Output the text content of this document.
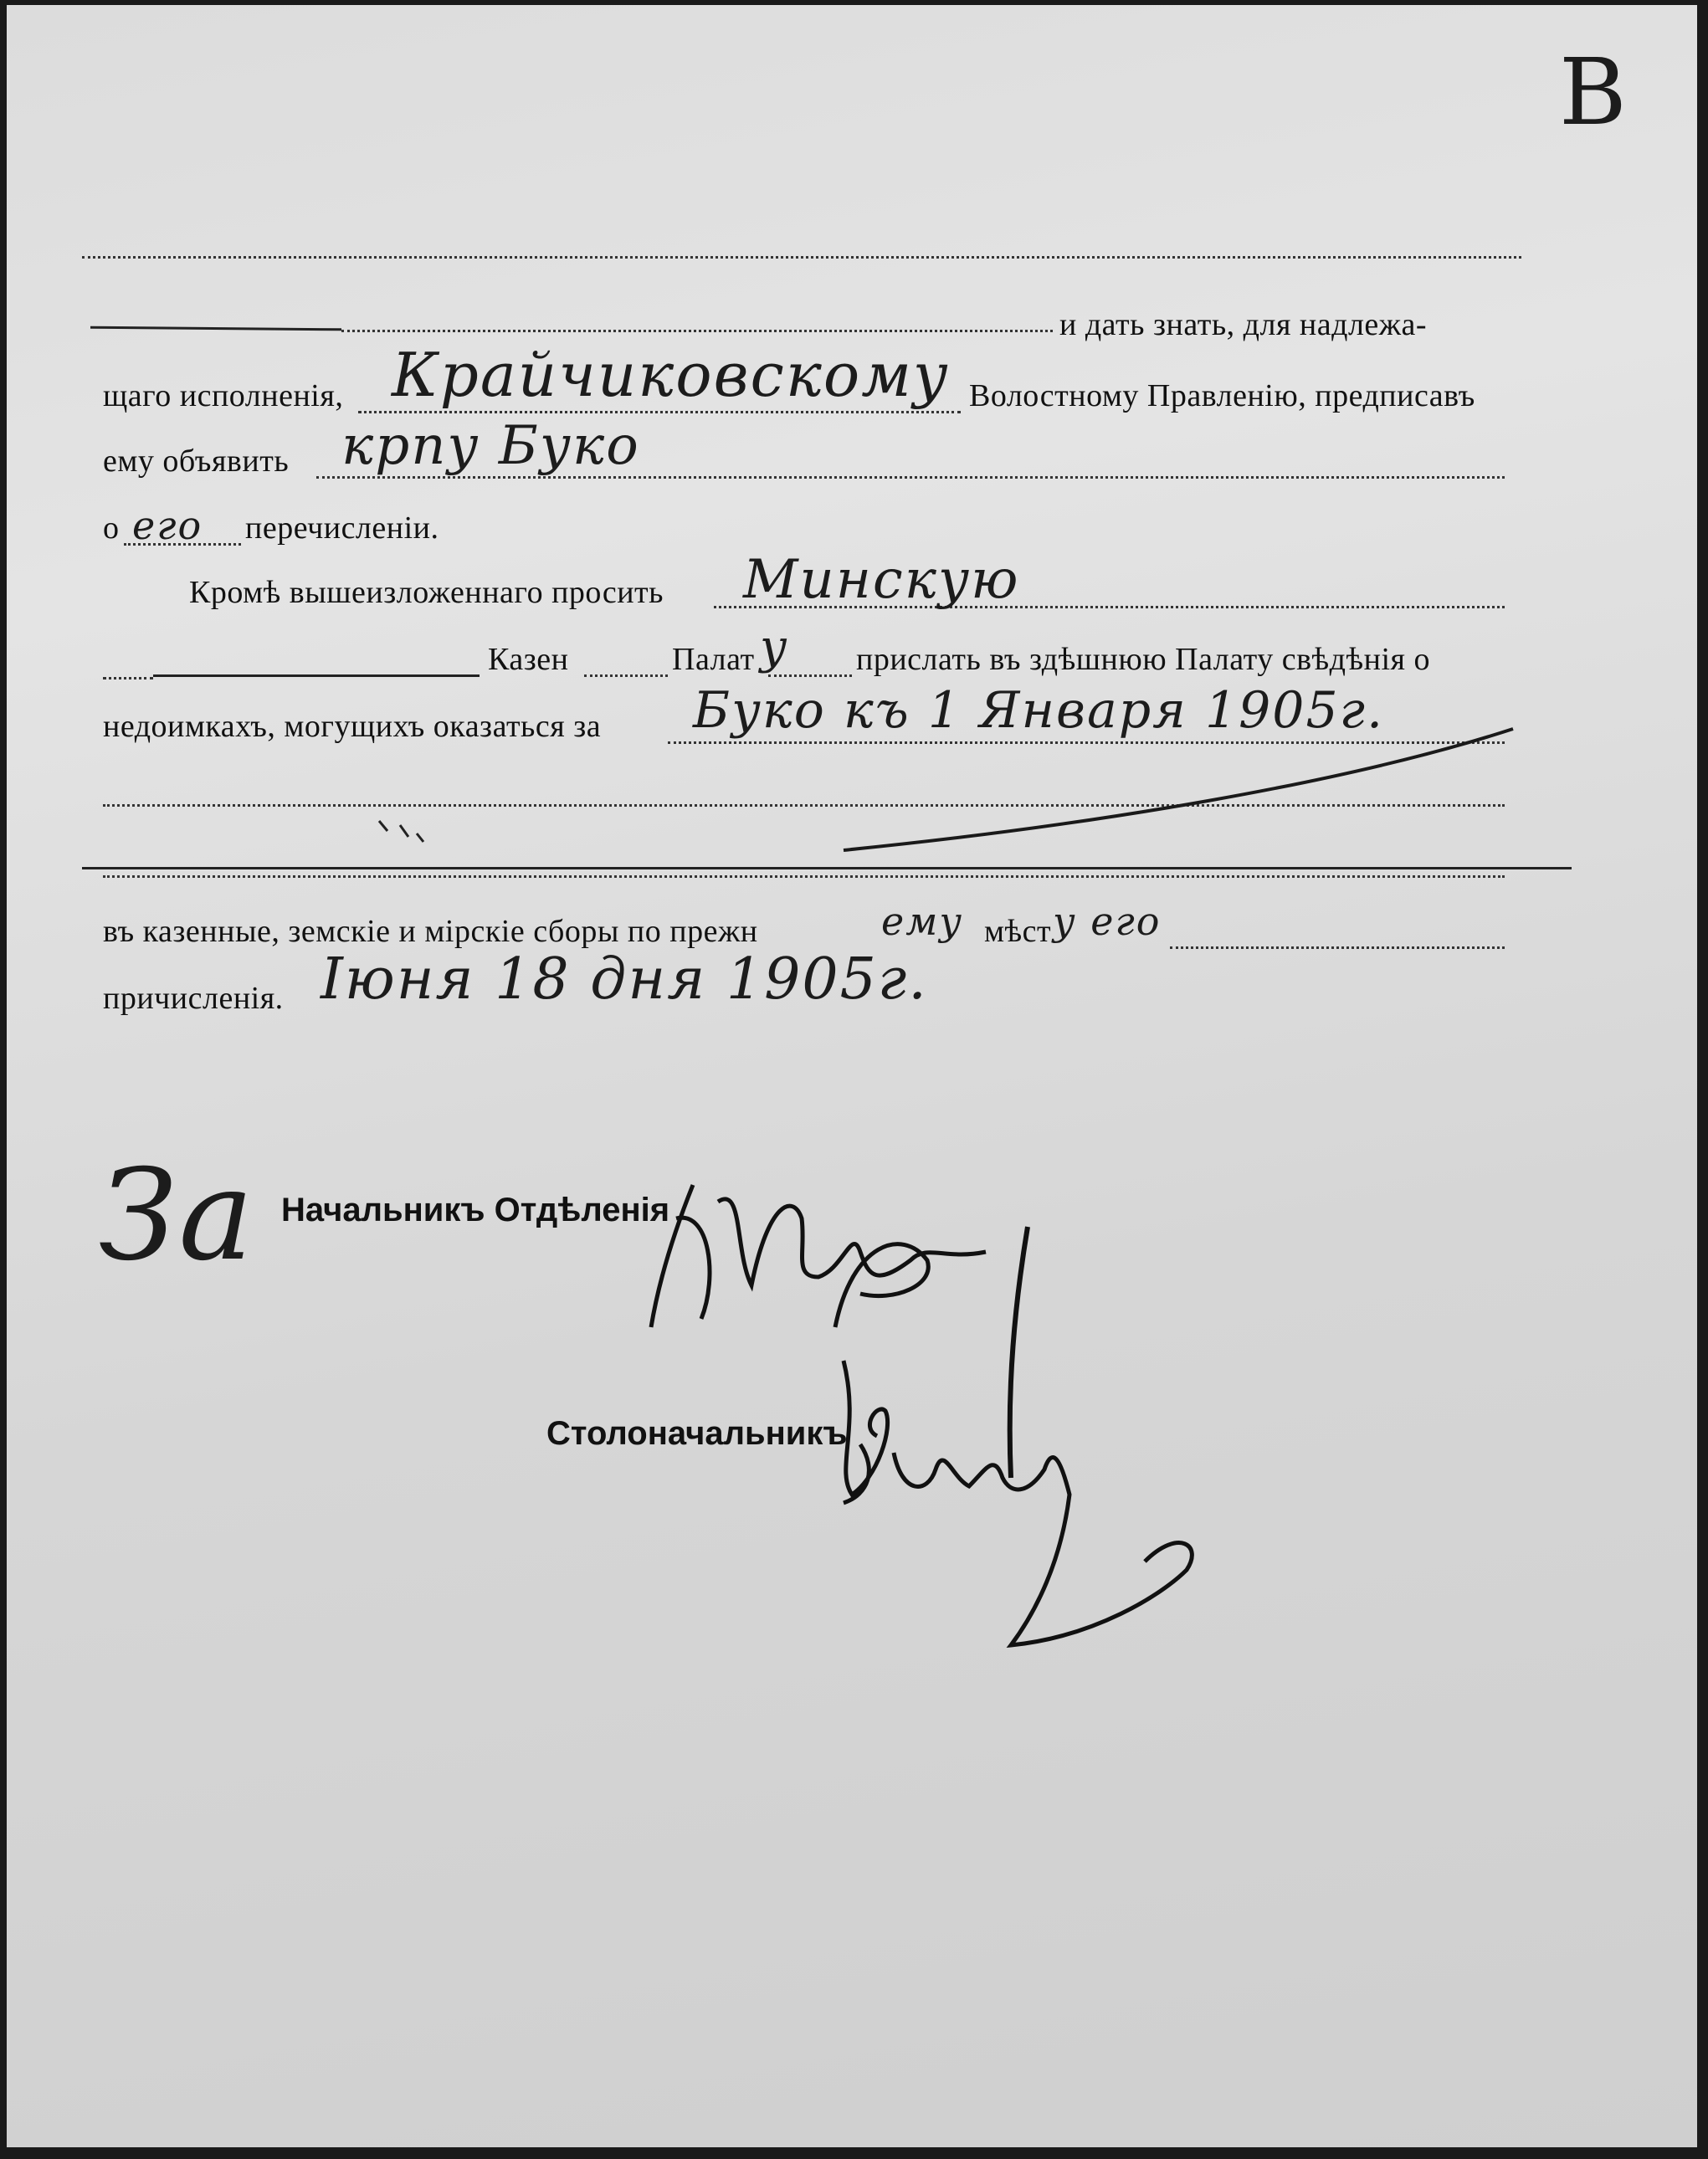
В
и дать знать, для надлежа-
щаго исполненія,	Волостному Правленію, предписавъ
Крайчиковскому
ему объявить крпу Буко
о	перечисленіи.
его
Кромѣ вышеизложеннаго просить Минскую
Казен	Палат	прислать въ здѣшнюю Палату свѣдѣнія о
у
недоимкахъ, могущихъ оказаться за Буко къ 1 Января 1905г.
въ казенные, земскіе и мірскіе сборы по прежн	мѣст
ему у его
причисленія. Іюня 18 дня 1905г.
За Начальникъ Отдѣленія
Столоначальникъ
